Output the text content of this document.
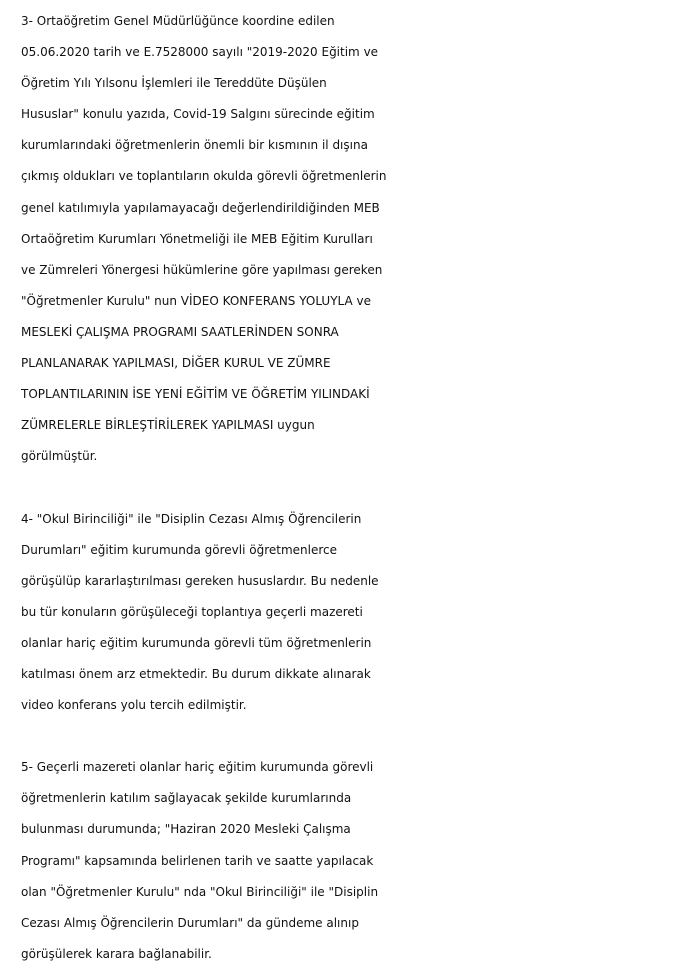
3- Ortaöğretim Genel Müdürlüğünce koordine edilen
05.06.2020 tarih ve E.7528000 sayılı "2019-2020 Eğitim ve
Öğretim Yılı Yılsonu İşlemleri ile Tereddüte Düşülen
Hususlar" konulu yazıda, Covid-19 Salgını sürecinde eğitim
kurumlarındaki öğretmenlerin önemli bir kısmının il dışına
çıkmış oldukları ve toplantıların okulda görevli öğretmenlerin
genel katılımıyla yapılamayacağı değerlendirildiğinden MEB
Ortaöğretim Kurumları Yönetmeliği ile MEB Eğitim Kurulları
ve Zümreleri Yönergesi hükümlerine göre yapılması gereken
"Öğretmenler Kurulu" nun VİDEO KONFERANS YOLUYLA ve
MESLEKİ ÇALIŞMA PROGRAMI SAATLERİNDEN SONRA
PLANLANARAK YAPILMASI, DİĞER KURUL VE ZÜMRE
TOPLANTILARININ İSE YENİ EĞİTİM VE ÖĞRETİM YILINDAKİ
ZÜMRELERLE BİRLEŞTİRİLEREK YAPILMASI uygun
görülmüştür.

4- "Okul Birinciliği" ile "Disiplin Cezası Almış Öğrencilerin
Durumları" eğitim kurumunda görevli öğretmenlerce
görüşülüp kararlaştırılması gereken hususlardır. Bu nedenle
bu tür konuların görüşüleceği toplantıya geçerli mazereti
olanlar hariç eğitim kurumunda görevli tüm öğretmenlerin
katılması önem arz etmektedir. Bu durum dikkate alınarak
video konferans yolu tercih edilmiştir.

5- Geçerli mazereti olanlar hariç eğitim kurumunda görevli
öğretmenlerin katılım sağlayacak şekilde kurumlarında
bulunması durumunda; "Haziran 2020 Mesleki Çalışma
Programı" kapsamında belirlenen tarih ve saatte yapılacak
olan "Öğretmenler Kurulu" nda "Okul Birinciliği" ile "Disiplin
Cezası Almış Öğrencilerin Durumları" da gündeme alınıp
görüşülerek karara bağlanabilir.
